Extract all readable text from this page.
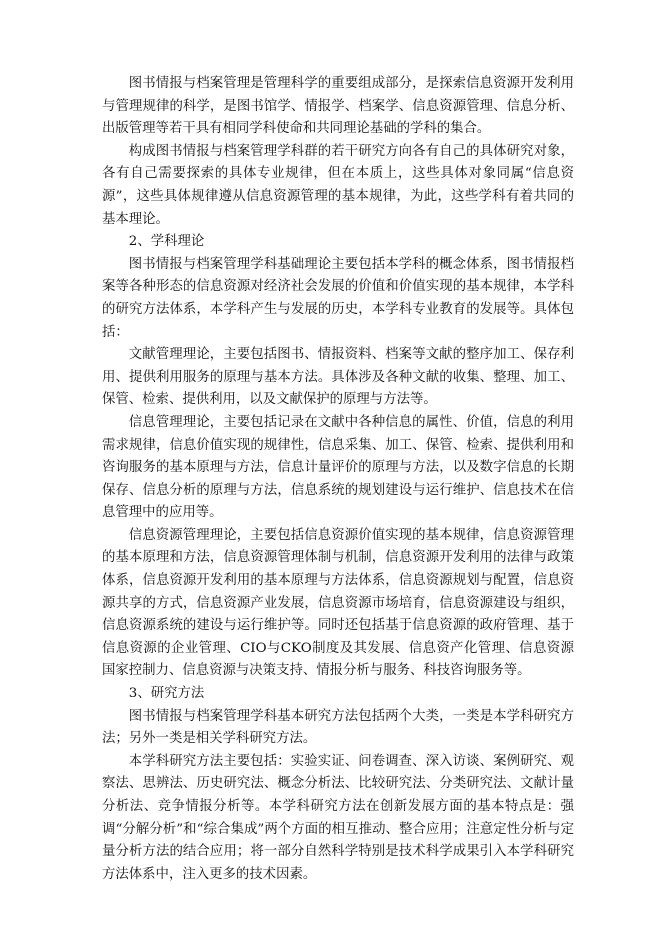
图书情报与档案管理是管理科学的重要组成部分，是探索信息资源开发利用与管理规律的科学，是图书馆学、情报学、档案学、信息资源管理、信息分析、出版管理等若干具有相同学科使命和共同理论基础的学科的集合。

构成图书情报与档案管理学科群的若干研究方向各有自己的具体研究对象，各有自己需要探索的具体专业规律，但在本质上，这些具体对象同属“信息资源”，这些具体规律遵从信息资源管理的基本规律，为此，这些学科有着共同的基本理论。

2、学科理论

图书情报与档案管理学科基础理论主要包括本学科的概念体系，图书情报档案等各种形态的信息资源对经济社会发展的价值和价值实现的基本规律，本学科的研究方法体系，本学科产生与发展的历史，本学科专业教育的发展等。具体包括：

文献管理理论，主要包括图书、情报资料、档案等文献的整序加工、保存利用、提供利用服务的原理与基本方法。具体涉及各种文献的收集、整理、加工、保管、检索、提供利用，以及文献保护的原理与方法等。

信息管理理论，主要包括记录在文献中各种信息的属性、价值，信息的利用需求规律，信息价值实现的规律性，信息采集、加工、保管、检索、提供利用和咨询服务的基本原理与方法，信息计量评价的原理与方法，以及数字信息的长期保存、信息分析的原理与方法，信息系统的规划建设与运行维护、信息技术在信息管理中的应用等。

信息资源管理理论，主要包括信息资源价值实现的基本规律，信息资源管理的基本原理和方法，信息资源管理体制与机制，信息资源开发利用的法律与政策体系，信息资源开发利用的基本原理与方法体系，信息资源规划与配置，信息资源共享的方式，信息资源产业发展，信息资源市场培育，信息资源建设与组织，信息资源系统的建设与运行维护等。同时还包括基于信息资源的政府管理、基于信息资源的企业管理、CIO与CKO制度及其发展、信息资产化管理、信息资源国家控制力、信息资源与决策支持、情报分析与服务、科技咨询服务等。

3、研究方法

图书情报与档案管理学科基本研究方法包括两个大类，一类是本学科研究方法；另外一类是相关学科研究方法。

本学科研究方法主要包括：实验实证、问卷调查、深入访谈、案例研究、观察法、思辨法、历史研究法、概念分析法、比较研究法、分类研究法、文献计量分析法、竞争情报分析等。本学科研究方法在创新发展方面的基本特点是：强调“分解分析”和“综合集成”两个方面的相互推动、整合应用；注意定性分析与定量分析方法的结合应用；将一部分自然科学特别是技术科学成果引入本学科研究方法体系中，注入更多的技术因素。
